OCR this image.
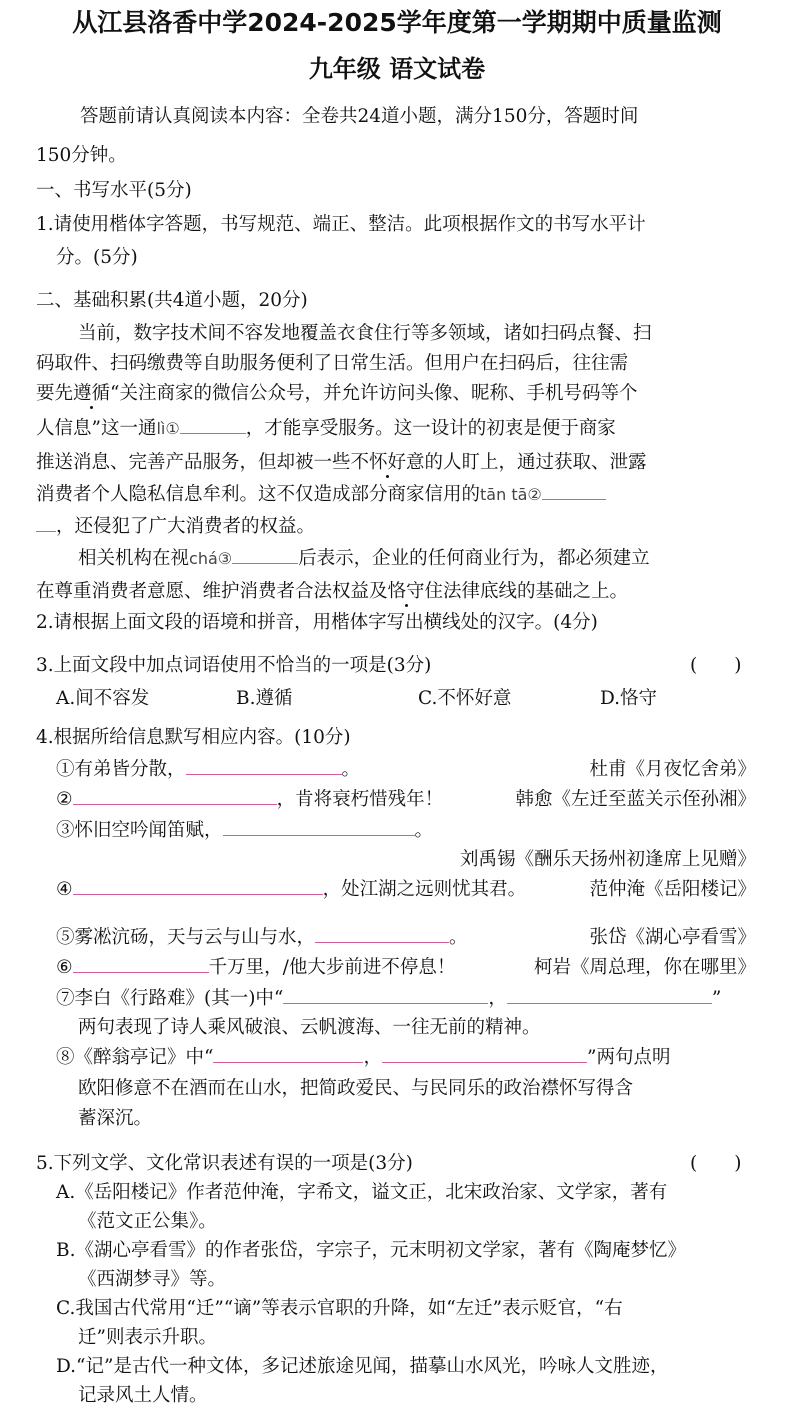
从江县洛香中学2024-2025学年度第一学期期中质量监测
九年级 语文试卷
答题前请认真阅读本内容：全卷共24道小题，满分150分，答题时间
150分钟。
一、书写水平(5分)
1.请使用楷体字答题，书写规范、端正、整洁。此项根据作文的书写水平计
分。(5分)
二、基础积累(共4道小题，20分)
当前，数字技术间不容发地覆盖衣食住行等多领域，诸如扫码点餐、扫
码取件、扫码缴费等自助服务便利了日常生活。但用户在扫码后，往往需
要先遵循“关注商家的微信公众号，并允许访问头像、昵称、手机号码等个
人信息”这一通lì①	，才能享受服务。这一设计的初衷是便于商家
推送消息、完善产品服务，但却被一些不怀好意的人盯上，通过获取、泄露
消费者个人隐私信息牟利。这不仅造成部分商家信用的tān tā②
，还侵犯了广大消费者的权益。
相关机构在视chá③	后表示，企业的任何商业行为，都必须建立
在尊重消费者意愿、维护消费者合法权益及恪守住法律底线的基础之上。
2.请根据上面文段的语境和拼音，用楷体字写出横线处的汉字。(4分)
3.上面文段中加点词语使用不恰当的一项是(3分)	(　　)
A.间不容发	B.遵循	C.不怀好意	D.恪守
4.根据所给信息默写相应内容。(10分)
①有弟皆分散，	。	杜甫《月夜忆舍弟》
②	，肯将衰朽惜残年！	韩愈《左迁至蓝关示侄孙湘》
③怀旧空吟闻笛赋，	。
刘禹锡《酬乐天扬州初逢席上见赠》
④	，处江湖之远则忧其君。	范仲淹《岳阳楼记》
⑤雾凇沆砀，天与云与山与水，	。	张岱《湖心亭看雪》
⑥	千万里，/他大步前进不停息！	柯岩《周总理，你在哪里》
⑦李白《行路难》(其一)中“	，	”
两句表现了诗人乘风破浪、云帆渡海、一往无前的精神。
⑧《醉翁亭记》中“	，	”两句点明
欧阳修意不在酒而在山水，把简政爱民、与民同乐的政治襟怀写得含
蓄深沉。
5.下列文学、文化常识表述有误的一项是(3分)	(　　)
A.《岳阳楼记》作者范仲淹，字希文，谥文正，北宋政治家、文学家，著有
《范文正公集》。
B.《湖心亭看雪》的作者张岱，字宗子，元末明初文学家，著有《陶庵梦忆》
《西湖梦寻》等。
C.我国古代常用“迁”“谪”等表示官职的升降，如“左迁”表示贬官，“右
迁”则表示升职。
D.“记”是古代一种文体，多记述旅途见闻，描摹山水风光，吟咏人文胜迹，
记录风土人情。
